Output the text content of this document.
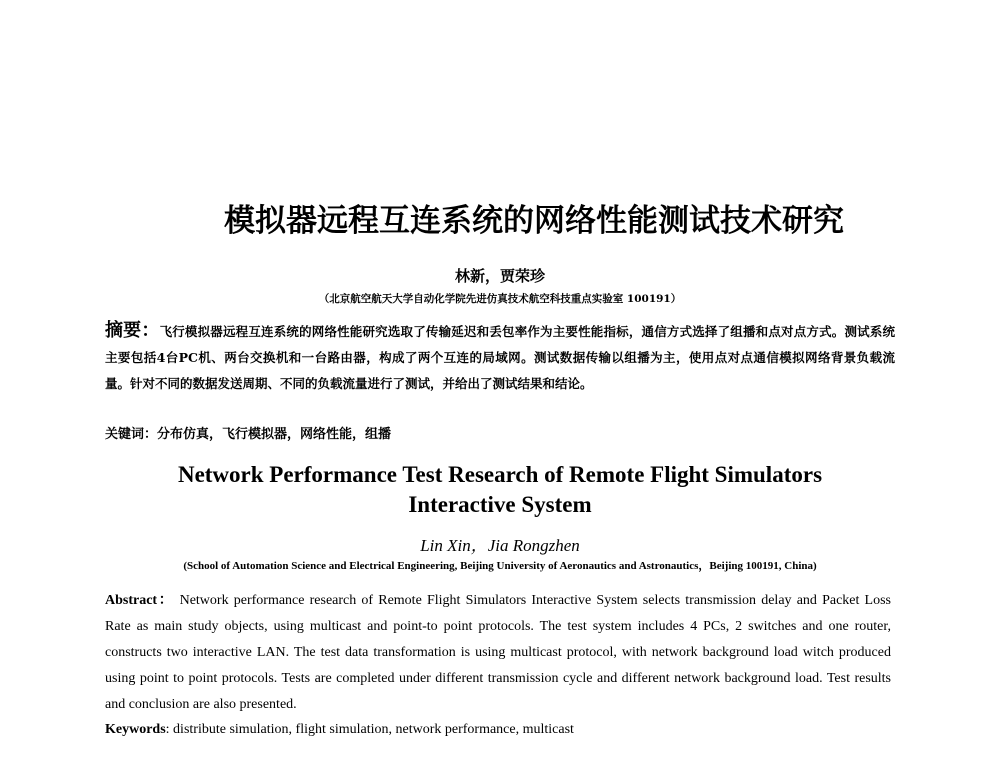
模拟器远程互连系统的网络性能测试技术研究
林新，贾荣珍
（北京航空航天大学自动化学院先进仿真技术航空科技重点实验室 100191）
摘要：飞行模拟器远程互连系统的网络性能研究选取了传输延迟和丢包率作为主要性能指标，通信方式选择了组播和点对点方式。测试系统主要包括4台PC机、两台交换机和一台路由器，构成了两个互连的局域网。测试数据传输以组播为主，使用点对点通信模拟网络背景负载流量。针对不同的数据发送周期、不同的负载流量进行了测试，并给出了测试结果和结论。
关键词：分布仿真，飞行模拟器，网络性能，组播
Network Performance Test Research of Remote Flight Simulators
Interactive System
Lin Xin，Jia Rongzhen
(School of Automation Science and Electrical Engineering, Beijing University of Aeronautics and Astronautics，Beijing 100191, China)
Abstract： Network performance research of Remote Flight Simulators Interactive System selects transmission delay and Packet Loss Rate as main study objects, using multicast and point-to point protocols. The test system includes 4 PCs, 2 switches and one router, constructs two interactive LAN. The test data transformation is using multicast protocol, with network background load witch produced using point to point protocols. Tests are completed under different transmission cycle and different network background load. Test results and conclusion are also presented.
Keywords: distribute simulation, flight simulation, network performance, multicast
